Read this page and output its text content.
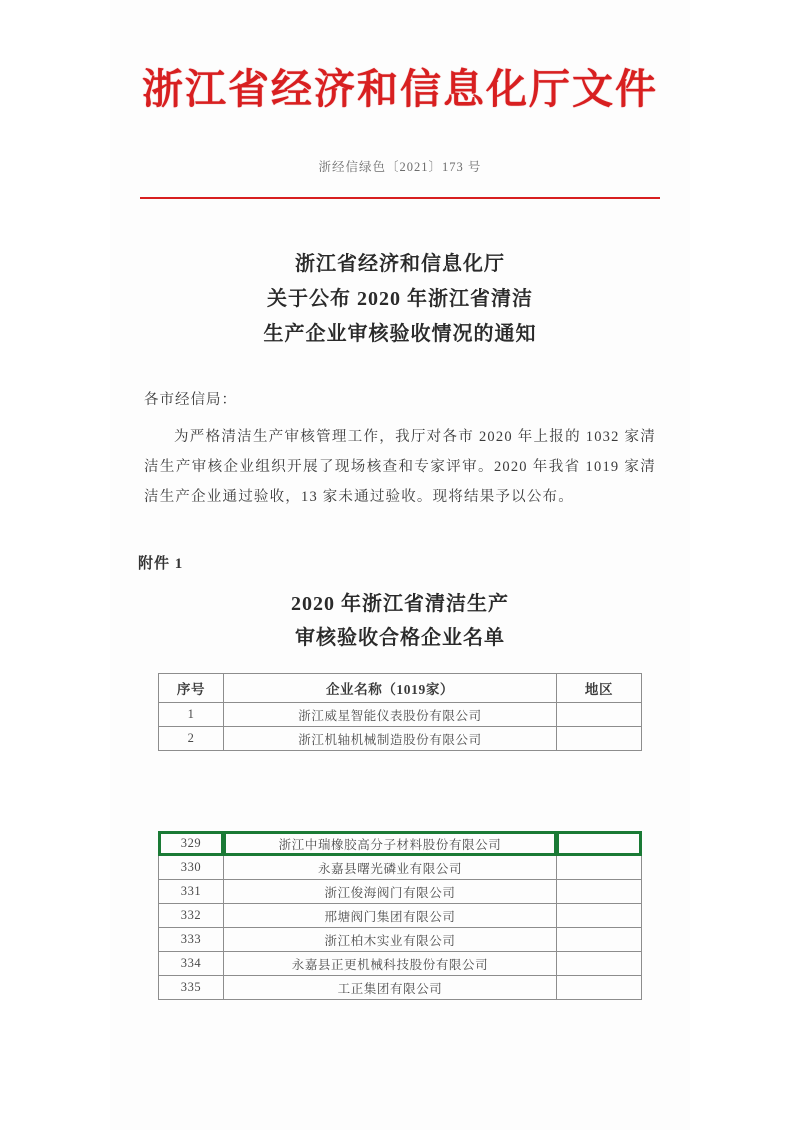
浙江省经济和信息化厅文件
浙经信绿色〔2021〕173 号
浙江省经济和信息化厅
关于公布 2020 年浙江省清洁
生产企业审核验收情况的通知
各市经信局：
为严格清洁生产审核管理工作，我厅对各市 2020 年上报的 1032 家清洁生产审核企业组织开展了现场核查和专家评审。2020 年我省 1019 家清洁生产企业通过验收，13 家未通过验收。现将结果予以公布。
附件 1
2020 年浙江省清洁生产
审核验收合格企业名单
序号	企业名称（1019家）	地区
1	浙江威星智能仪表股份有限公司	
2	浙江机轴机械制造股份有限公司	
329	浙江中瑞橡胶高分子材料股份有限公司	
330	永嘉县曙光磷业有限公司	
331	浙江俊海阀门有限公司	
332	邢塘阀门集团有限公司	
333	浙江柏木实业有限公司	
334	永嘉县正更机械科技股份有限公司	
335	工正集团有限公司	
